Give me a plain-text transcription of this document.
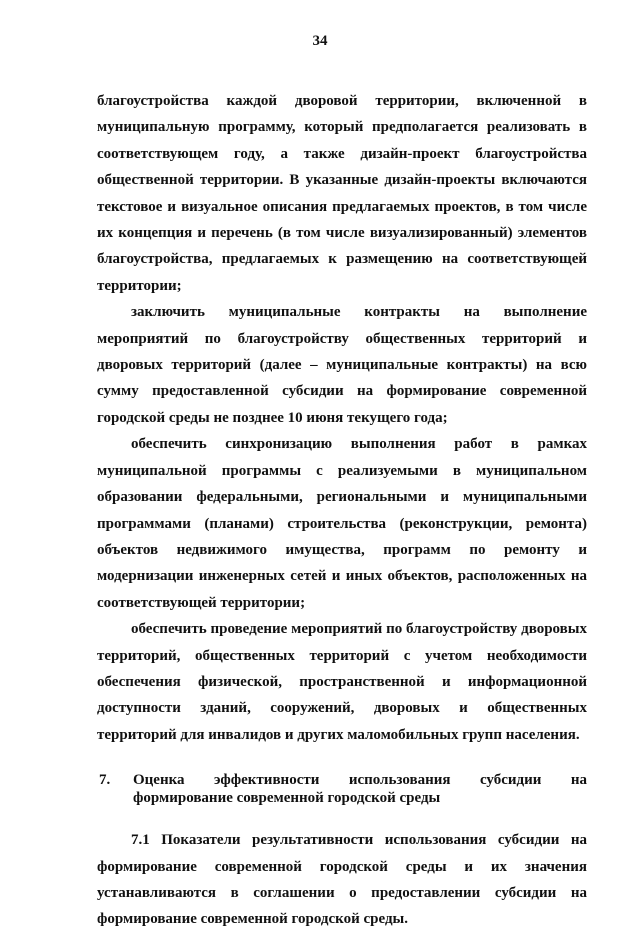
34

благоустройства каждой дворовой территории, включенной в муниципальную программу, который предполагается реализовать в соответствующем году, а также дизайн-проект благоустройства общественной территории. В указанные дизайн-проекты включаются текстовое и визуальное описания предлагаемых проектов, в том числе их концепция и перечень (в том числе визуализированный) элементов благоустройства, предлагаемых к размещению на соответствующей территории;

заключить муниципальные контракты на выполнение мероприятий по благоустройству общественных территорий и дворовых территорий (далее – муниципальные контракты) на всю сумму предоставленной субсидии на формирование современной городской среды не позднее 10 июня текущего года;

обеспечить синхронизацию выполнения работ в рамках муниципальной программы с реализуемыми в муниципальном образовании федеральными, региональными и муниципальными программами (планами) строительства (реконструкции, ремонта) объектов недвижимого имущества, программ по ремонту и модернизации инженерных сетей и иных объектов, расположенных на соответствующей территории;

обеспечить проведение мероприятий по благоустройству дворовых территорий, общественных территорий с учетом необходимости обеспечения физической, пространственной и информационной доступности зданий, сооружений, дворовых и общественных территорий для инвалидов и других маломобильных групп населения.

7.	Оценка эффективности использования субсидии на
формирование современной городской среды

7.1 Показатели результативности использования субсидии на формирование современной городской среды и их значения устанавливаются в соглашении о предоставлении субсидии на формирование современной городской среды.
